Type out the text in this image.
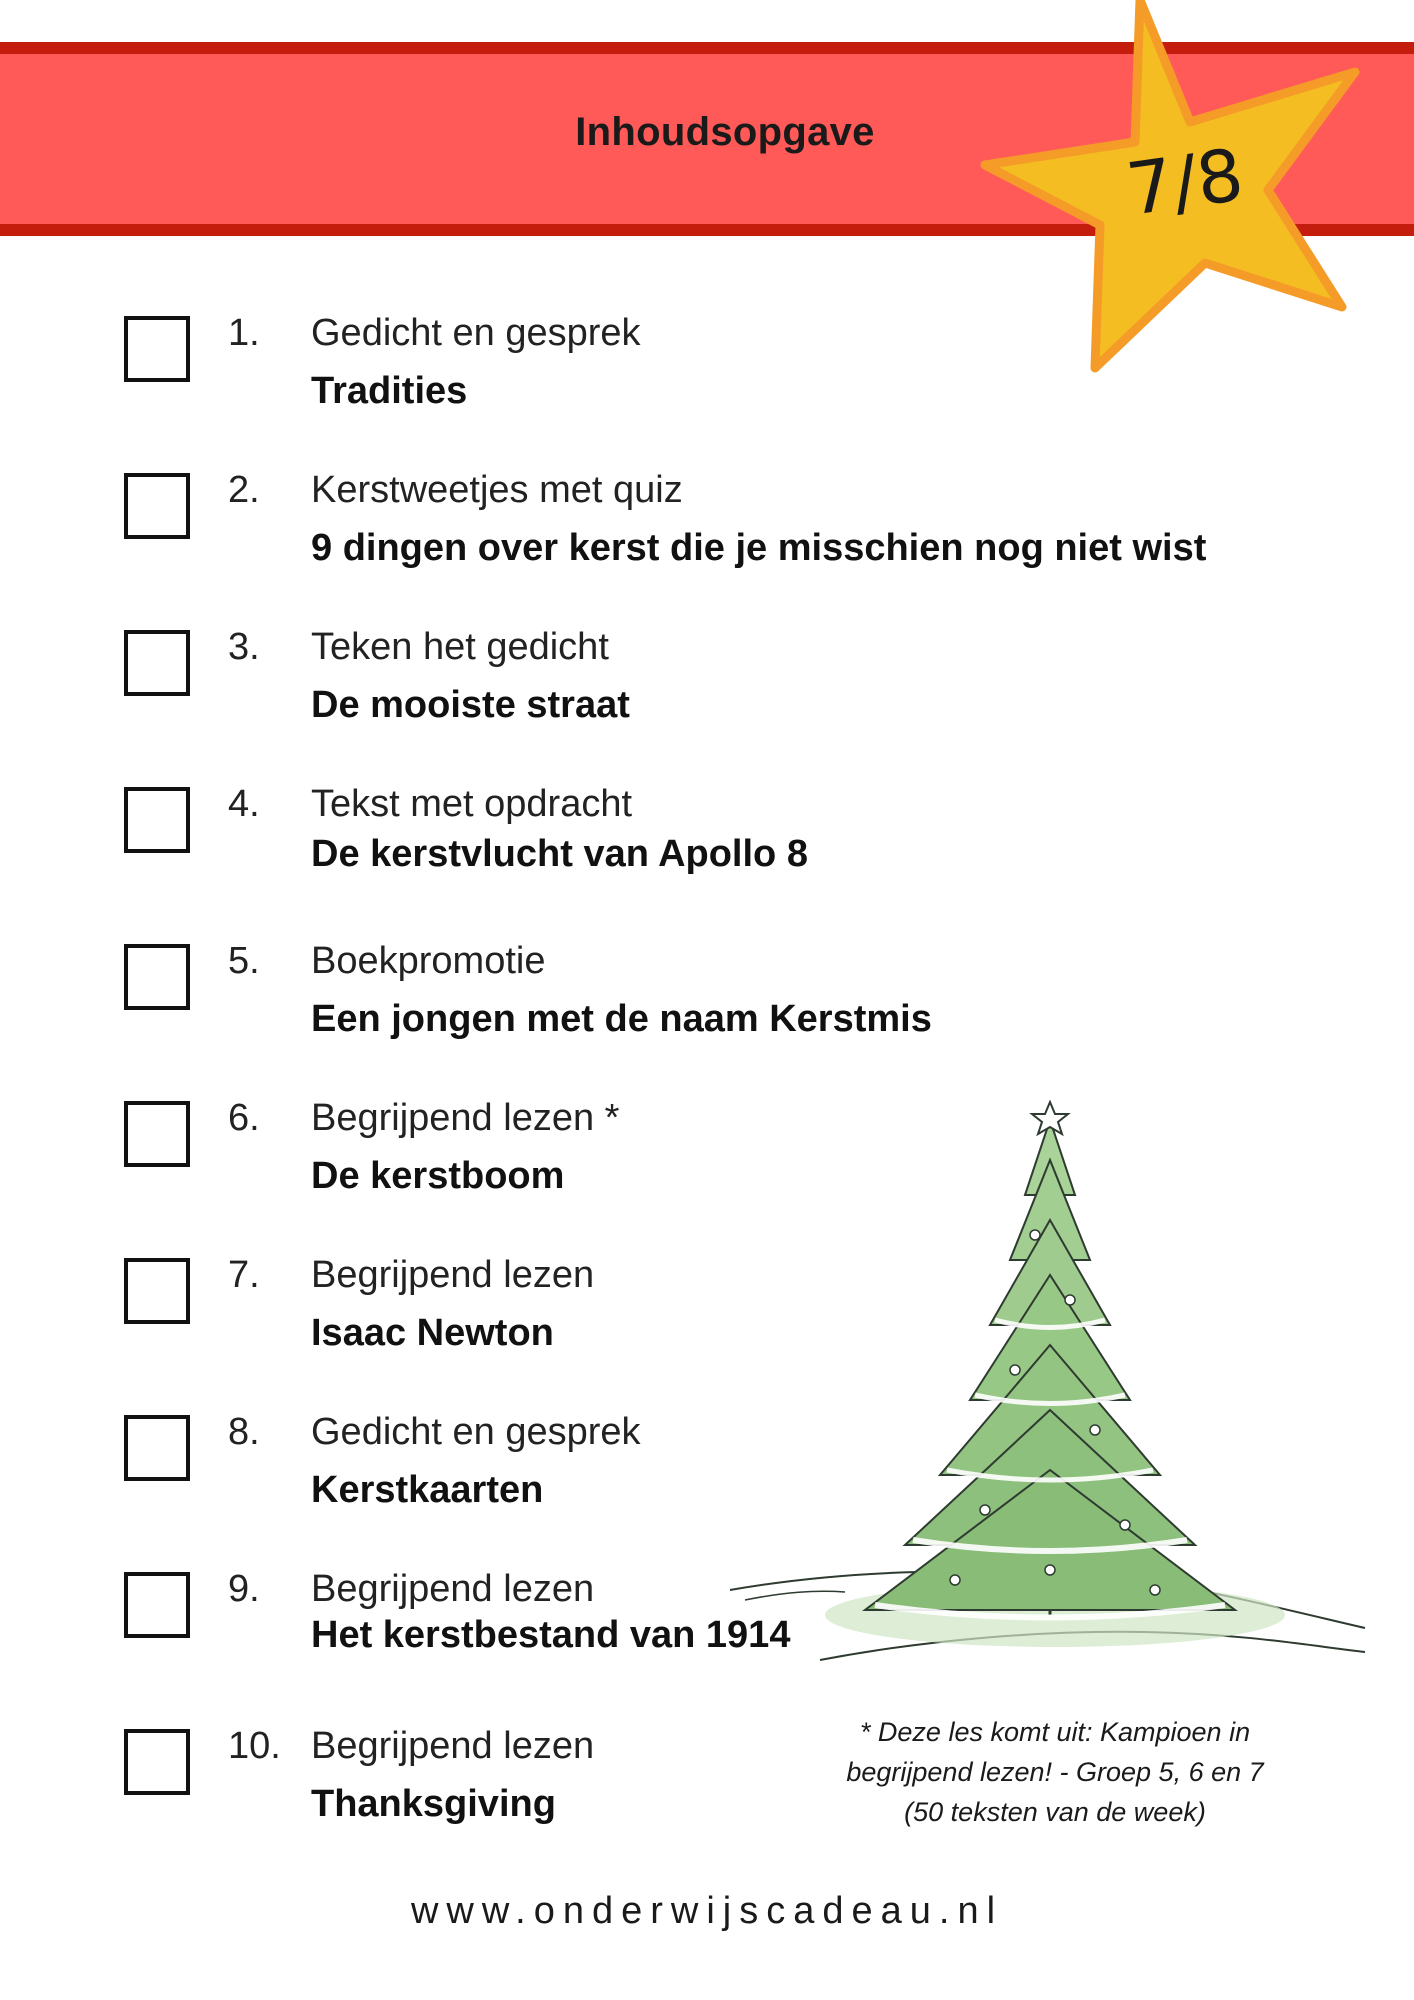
Inhoudsopgave
7/8
1. Gedicht en gesprek
Tradities
2. Kerstweetjes met quiz
9 dingen over kerst die je misschien nog niet wist
3. Teken het gedicht
De mooiste straat
4. Tekst met opdracht
De kerstvlucht van Apollo 8
5. Boekpromotie
Een jongen met de naam Kerstmis
6. Begrijpend lezen *
De kerstboom
7. Begrijpend lezen
Isaac Newton
8. Gedicht en gesprek
Kerstkaarten
9. Begrijpend lezen
Het kerstbestand van 1914
10. Begrijpend lezen
Thanksgiving
* Deze les komt uit: Kampioen in
begrijpend lezen! - Groep 5, 6 en 7
(50 teksten van de week)
www.onderwijscadeau.nl
